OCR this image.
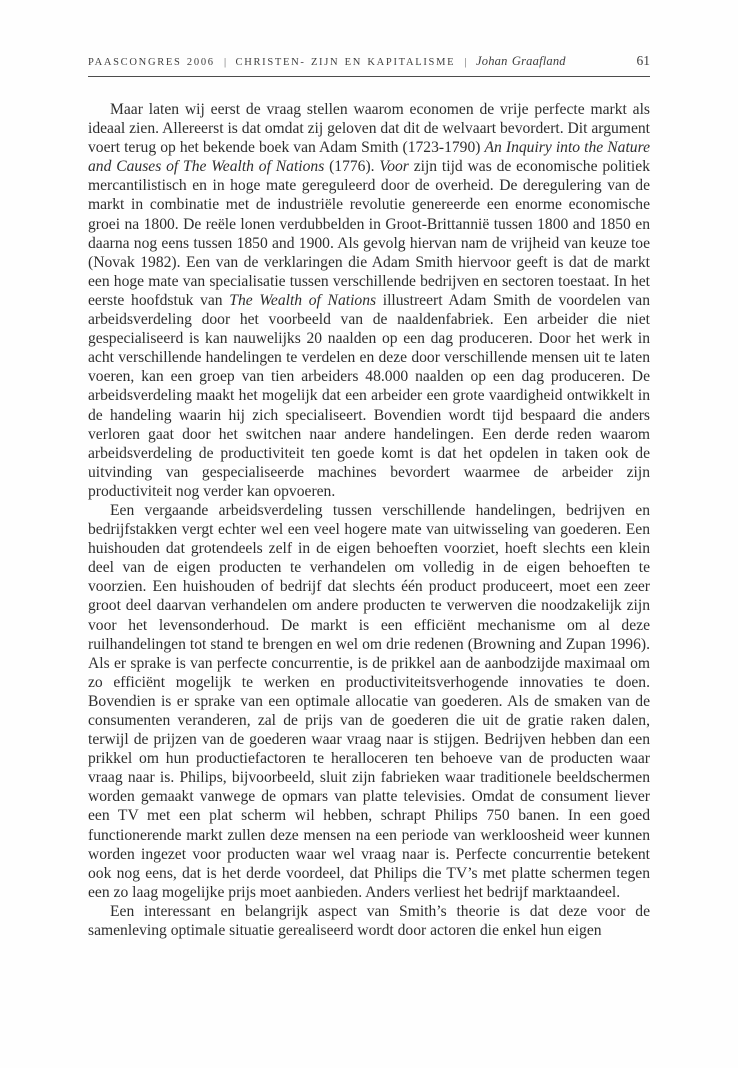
PAASCONGRES 2006 | CHRISTEN- ZIJN EN KAPITALISME | Johan Graafland	61

Maar laten wij eerst de vraag stellen waarom economen de vrije perfecte markt als ideaal zien. Allereerst is dat omdat zij geloven dat dit de welvaart bevordert. Dit argument voert terug op het bekende boek van Adam Smith (1723-1790) An Inquiry into the Nature and Causes of The Wealth of Nations (1776). Voor zijn tijd was de economische politiek mercantilistisch en in hoge mate gereguleerd door de overheid. De deregulering van de markt in combinatie met de industriële revolutie genereerde een enorme economische groei na 1800. De reële lonen verdubbelden in Groot-Brittannië tussen 1800 and 1850 en daarna nog eens tussen 1850 and 1900. Als gevolg hiervan nam de vrijheid van keuze toe (Novak 1982). Een van de verklaringen die Adam Smith hiervoor geeft is dat de markt een hoge mate van specialisatie tussen verschillende bedrijven en sectoren toestaat. In het eerste hoofdstuk van The Wealth of Nations illustreert Adam Smith de voordelen van arbeidsverdeling door het voorbeeld van de naaldenfabriek. Een arbeider die niet gespecialiseerd is kan nauwelijks 20 naalden op een dag produceren. Door het werk in acht verschillende handelingen te verdelen en deze door verschillende mensen uit te laten voeren, kan een groep van tien arbeiders 48.000 naalden op een dag produceren. De arbeidsverdeling maakt het mogelijk dat een arbeider een grote vaardigheid ontwikkelt in de handeling waarin hij zich specialiseert. Bovendien wordt tijd bespaard die anders verloren gaat door het switchen naar andere handelingen. Een derde reden waarom arbeidsverdeling de productiviteit ten goede komt is dat het opdelen in taken ook de uitvinding van gespecialiseerde machines bevordert waarmee de arbeider zijn productiviteit nog verder kan opvoeren.

Een vergaande arbeidsverdeling tussen verschillende handelingen, bedrijven en bedrijfstakken vergt echter wel een veel hogere mate van uitwisseling van goederen. Een huishouden dat grotendeels zelf in de eigen behoeften voorziet, hoeft slechts een klein deel van de eigen producten te verhandelen om volledig in de eigen behoeften te voorzien. Een huishouden of bedrijf dat slechts één product produceert, moet een zeer groot deel daarvan verhandelen om andere producten te verwerven die noodzakelijk zijn voor het levensonderhoud. De markt is een efficiënt mechanisme om al deze ruilhandelingen tot stand te brengen en wel om drie redenen (Browning and Zupan 1996). Als er sprake is van perfecte concurrentie, is de prikkel aan de aanbodzijde maximaal om zo efficiënt mogelijk te werken en productiviteitsverhogende innovaties te doen. Bovendien is er sprake van een optimale allocatie van goederen. Als de smaken van de consumenten veranderen, zal de prijs van de goederen die uit de gratie raken dalen, terwijl de prijzen van de goederen waar vraag naar is stijgen. Bedrijven hebben dan een prikkel om hun productiefactoren te heralloceren ten behoeve van de producten waar vraag naar is. Philips, bijvoorbeeld, sluit zijn fabrieken waar traditionele beeldschermen worden gemaakt vanwege de opmars van platte televisies. Omdat de consument liever een TV met een plat scherm wil hebben, schrapt Philips 750 banen. In een goed functionerende markt zullen deze mensen na een periode van werkloosheid weer kunnen worden ingezet voor producten waar wel vraag naar is. Perfecte concurrentie betekent ook nog eens, dat is het derde voordeel, dat Philips die TV’s met platte schermen tegen een zo laag mogelijke prijs moet aanbieden. Anders verliest het bedrijf marktaandeel.

Een interessant en belangrijk aspect van Smith’s theorie is dat deze voor de samenleving optimale situatie gerealiseerd wordt door actoren die enkel hun eigen
